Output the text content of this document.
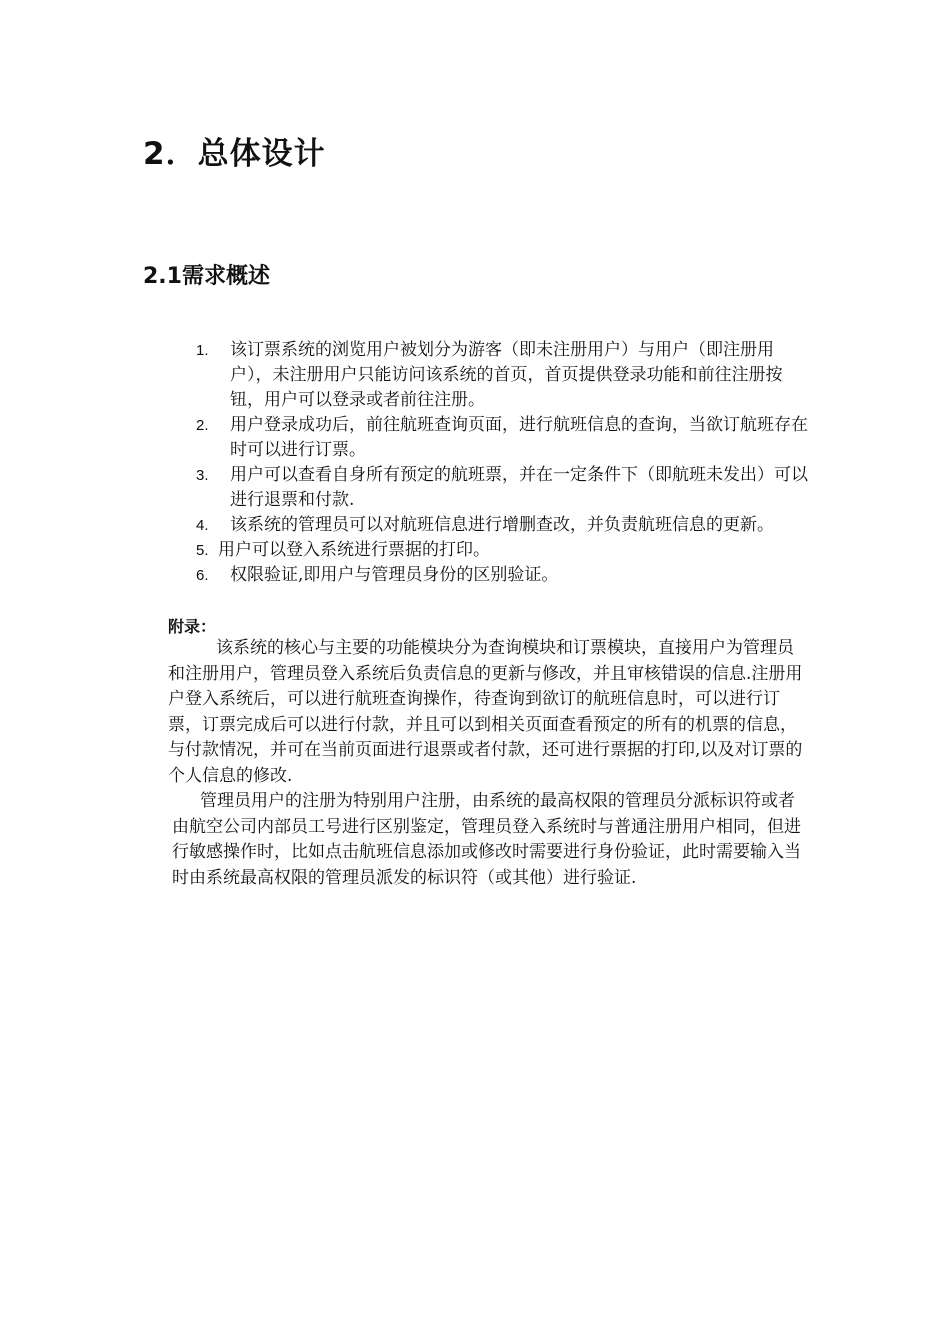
2．总体设计
2.1需求概述
1. 该订票系统的浏览用户被划分为游客（即未注册用户）与用户（即注册用户），未注册用户只能访问该系统的首页，首页提供登录功能和前往注册按钮，用户可以登录或者前往注册。
2. 用户登录成功后，前往航班查询页面，进行航班信息的查询，当欲订航班存在时可以进行订票。
3. 用户可以查看自身所有预定的航班票，并在一定条件下（即航班未发出）可以进行退票和付款.
4. 该系统的管理员可以对航班信息进行增删查改，并负责航班信息的更新。
5. 用户可以登入系统进行票据的打印。
6. 权限验证,即用户与管理员身份的区别验证。
附录：

该系统的核心与主要的功能模块分为查询模块和订票模块，直接用户为管理员和注册用户，管理员登入系统后负责信息的更新与修改，并且审核错误的信息.注册用户登入系统后，可以进行航班查询操作，待查询到欲订的航班信息时，可以进行订票，订票完成后可以进行付款，并且可以到相关页面查看预定的所有的机票的信息，与付款情况，并可在当前页面进行退票或者付款，还可进行票据的打印,以及对订票的个人信息的修改.

管理员用户的注册为特别用户注册，由系统的最高权限的管理员分派标识符或者由航空公司内部员工号进行区别鉴定，管理员登入系统时与普通注册用户相同，但进行敏感操作时，比如点击航班信息添加或修改时需要进行身份验证，此时需要输入当时由系统最高权限的管理员派发的标识符（或其他）进行验证.
